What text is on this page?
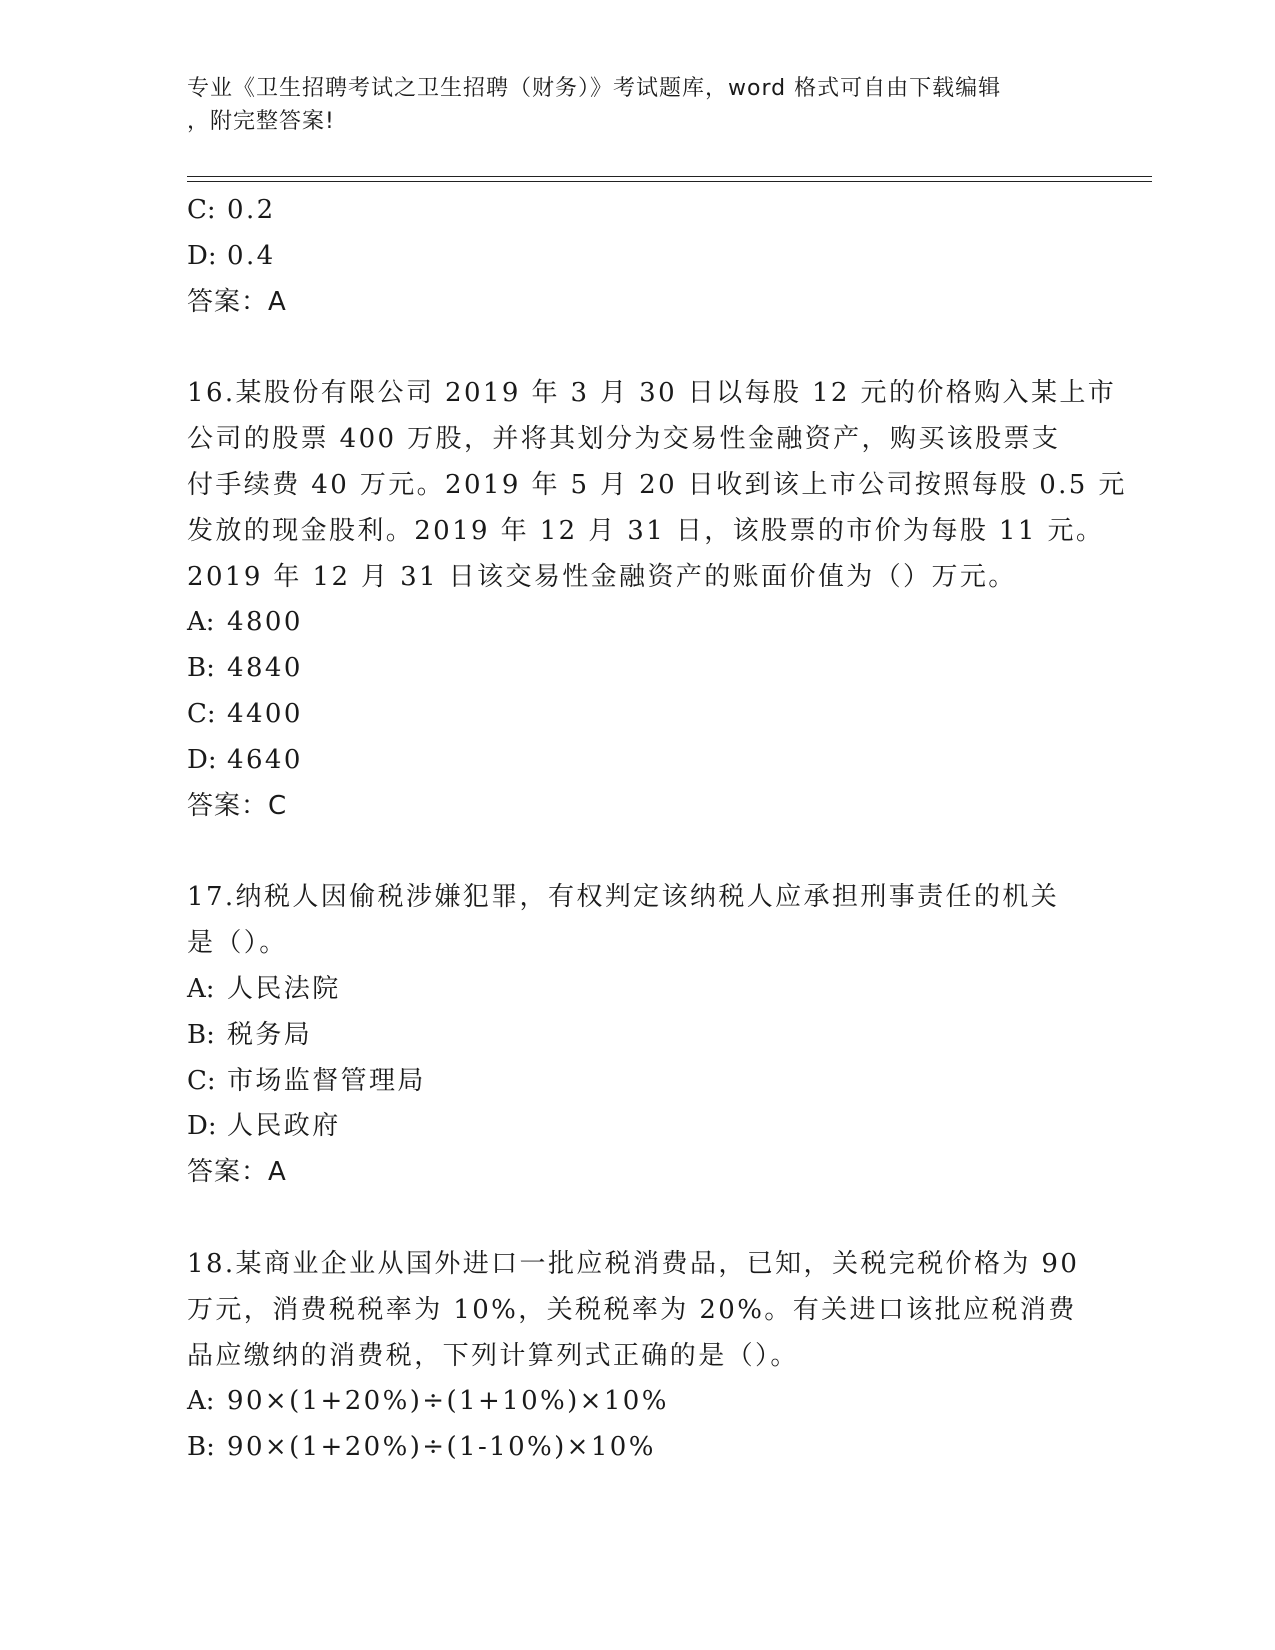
专业《卫生招聘考试之卫生招聘（财务）》考试题库，word 格式可自由下载编辑
，附完整答案!
C: 0.2
D: 0.4
答案：A
16.某股份有限公司 2019 年 3 月 30 日以每股 12 元的价格购入某上市
公司的股票 400 万股，并将其划分为交易性金融资产，购买该股票支
付手续费 40 万元。2019 年 5 月 20 日收到该上市公司按照每股 0.5 元
发放的现金股利。2019 年 12 月 31 日，该股票的市价为每股 11 元。
2019 年 12 月 31 日该交易性金融资产的账面价值为（）万元。
A: 4800
B: 4840
C: 4400
D: 4640
答案：C
17.纳税人因偷税涉嫌犯罪，有权判定该纳税人应承担刑事责任的机关
是（）。
A: 人民法院
B: 税务局
C: 市场监督管理局
D: 人民政府
答案：A
18.某商业企业从国外进口一批应税消费品，已知，关税完税价格为 90
万元，消费税税率为 10%，关税税率为 20%。有关进口该批应税消费
品应缴纳的消费税，下列计算列式正确的是（）。
A: 90×(1+20%)÷(1+10%)×10%
B: 90×(1+20%)÷(1-10%)×10%
